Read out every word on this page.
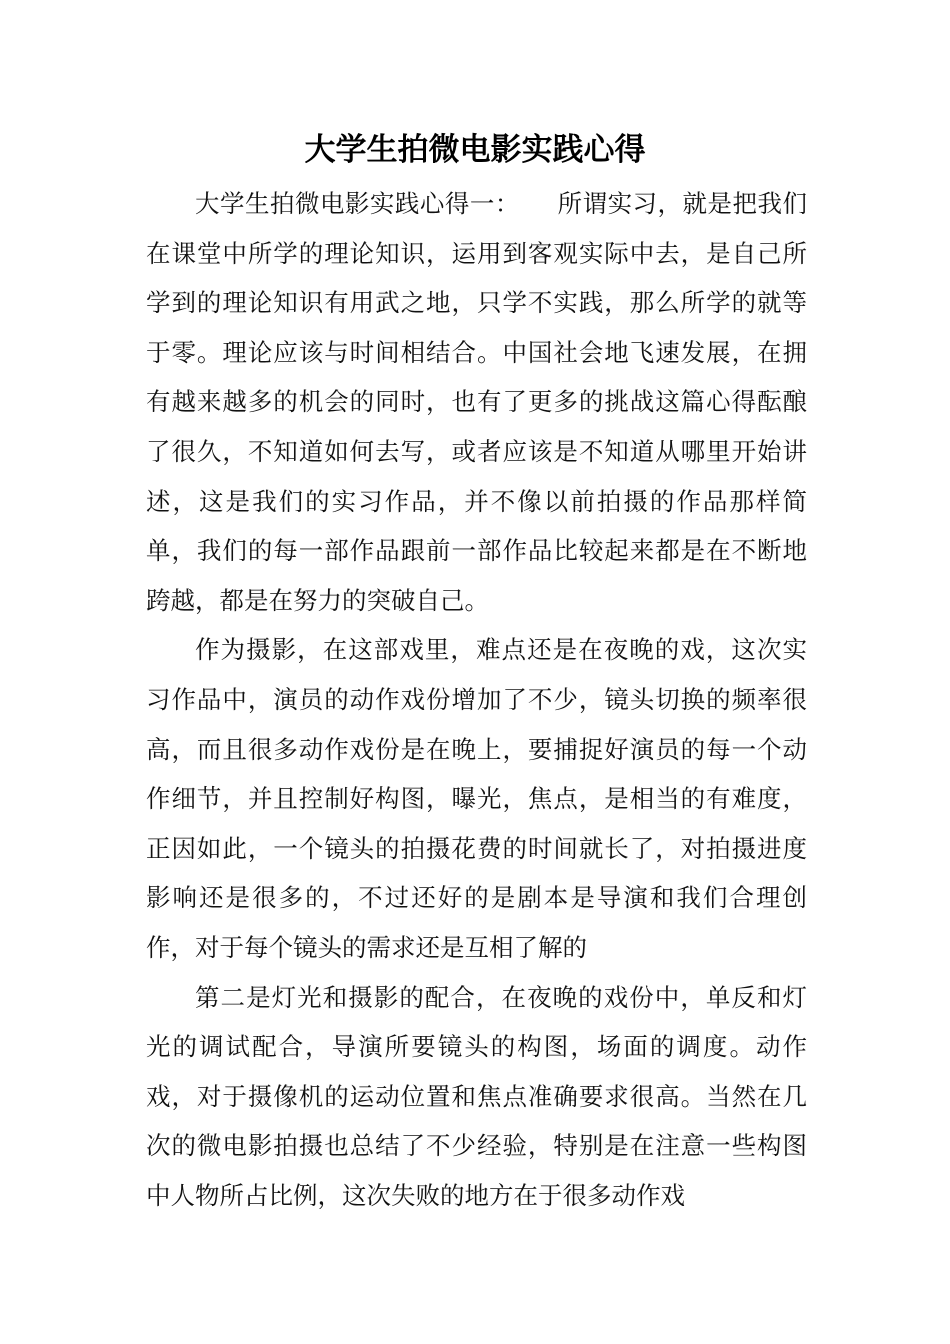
大学生拍微电影实践心得

大学生拍微电影实践心得一：　　所谓实习，就是把我们在课堂中所学的理论知识，运用到客观实际中去，是自己所学到的理论知识有用武之地，只学不实践，那么所学的就等于零。理论应该与时间相结合。中国社会地飞速发展，在拥有越来越多的机会的同时，也有了更多的挑战这篇心得酝酿了很久，不知道如何去写，或者应该是不知道从哪里开始讲述，这是我们的实习作品，并不像以前拍摄的作品那样简单，我们的每一部作品跟前一部作品比较起来都是在不断地跨越，都是在努力的突破自己。

作为摄影，在这部戏里，难点还是在夜晚的戏，这次实习作品中，演员的动作戏份增加了不少，镜头切换的频率很高，而且很多动作戏份是在晚上，要捕捉好演员的每一个动作细节，并且控制好构图，曝光，焦点，是相当的有难度，正因如此，一个镜头的拍摄花费的时间就长了，对拍摄进度影响还是很多的，不过还好的是剧本是导演和我们合理创作，对于每个镜头的需求还是互相了解的

第二是灯光和摄影的配合，在夜晚的戏份中，单反和灯光的调试配合，导演所要镜头的构图，场面的调度。动作戏，对于摄像机的运动位置和焦点准确要求很高。当然在几次的微电影拍摄也总结了不少经验，特别是在注意一些构图中人物所占比例，这次失败的地方在于很多动作戏
